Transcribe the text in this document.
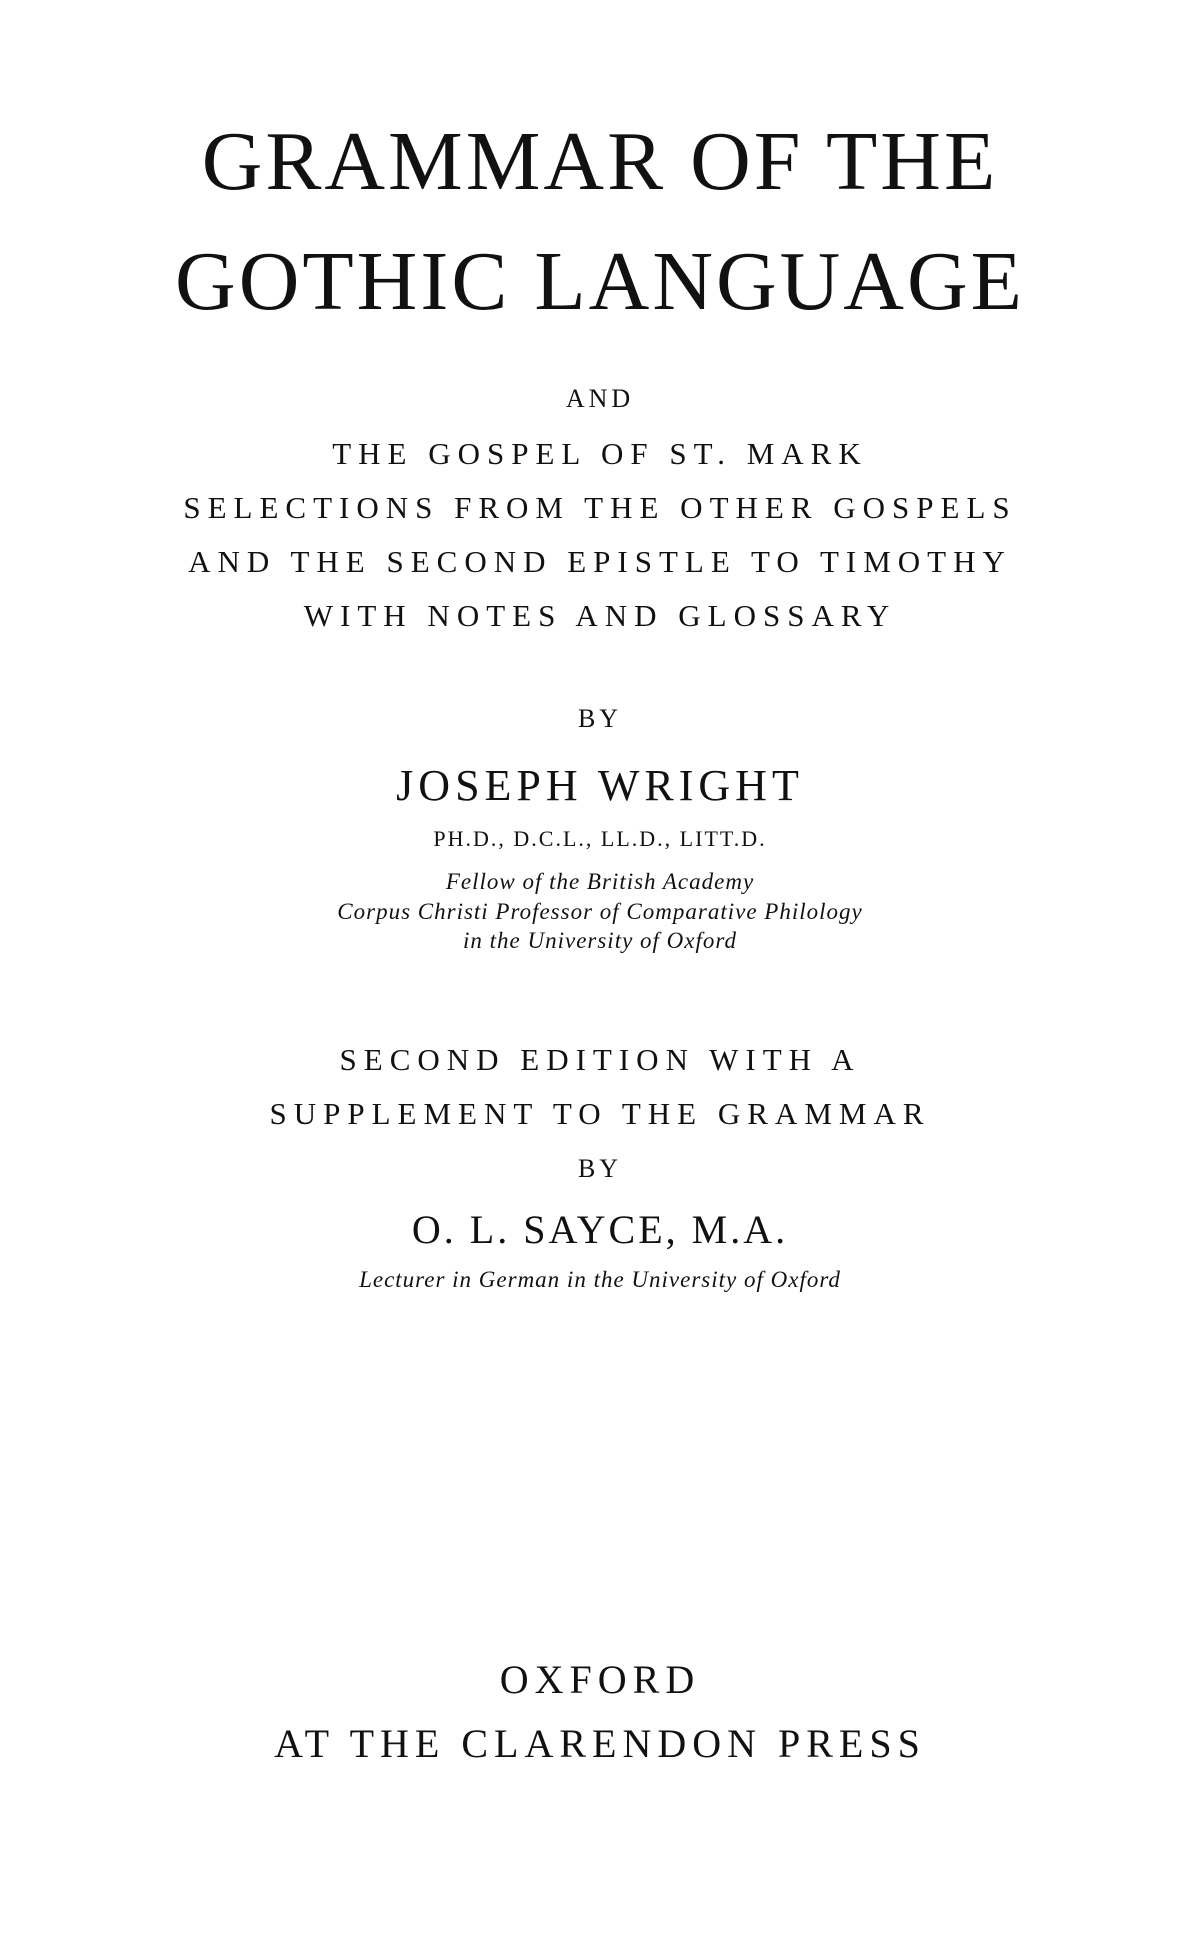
GRAMMAR OF THE
GOTHIC LANGUAGE
AND
THE GOSPEL OF ST. MARK
SELECTIONS FROM THE OTHER GOSPELS
AND THE SECOND EPISTLE TO TIMOTHY
WITH NOTES AND GLOSSARY
BY
JOSEPH WRIGHT
PH.D., D.C.L., LL.D., LITT.D.
Fellow of the British Academy
Corpus Christi Professor of Comparative Philology
in the University of Oxford
SECOND EDITION WITH A
SUPPLEMENT TO THE GRAMMAR
BY
O. L. SAYCE, M.A.
Lecturer in German in the University of Oxford
OXFORD
AT THE CLARENDON PRESS
